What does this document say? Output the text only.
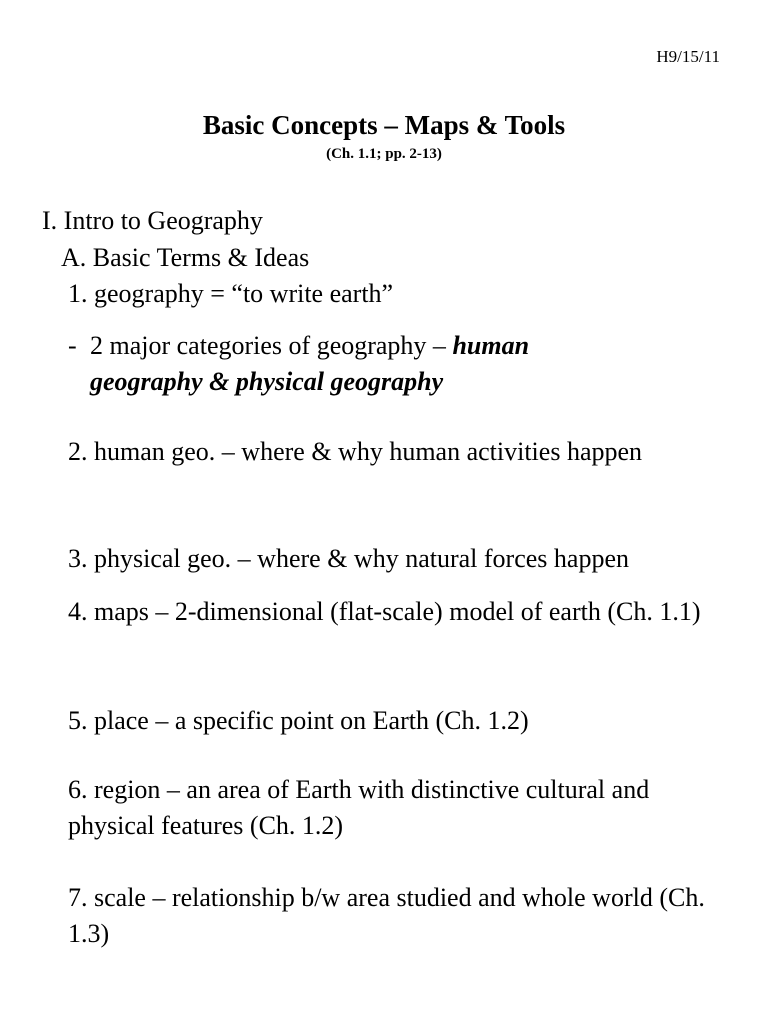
H9/15/11
Basic Concepts – Maps & Tools
(Ch. 1.1; pp. 2-13)
I. Intro to Geography
A. Basic Terms & Ideas
1. geography = “to write earth”
- 2 major categories of geography – human
geography & physical geography
2. human geo. – where & why human activities happen
3. physical geo. – where & why natural forces happen
4. maps – 2-dimensional (flat-scale) model of earth (Ch. 1.1)
5. place – a specific point on Earth (Ch. 1.2)
6. region – an area of Earth with distinctive cultural and physical features (Ch. 1.2)
7. scale – relationship b/w area studied and whole world (Ch. 1.3)
